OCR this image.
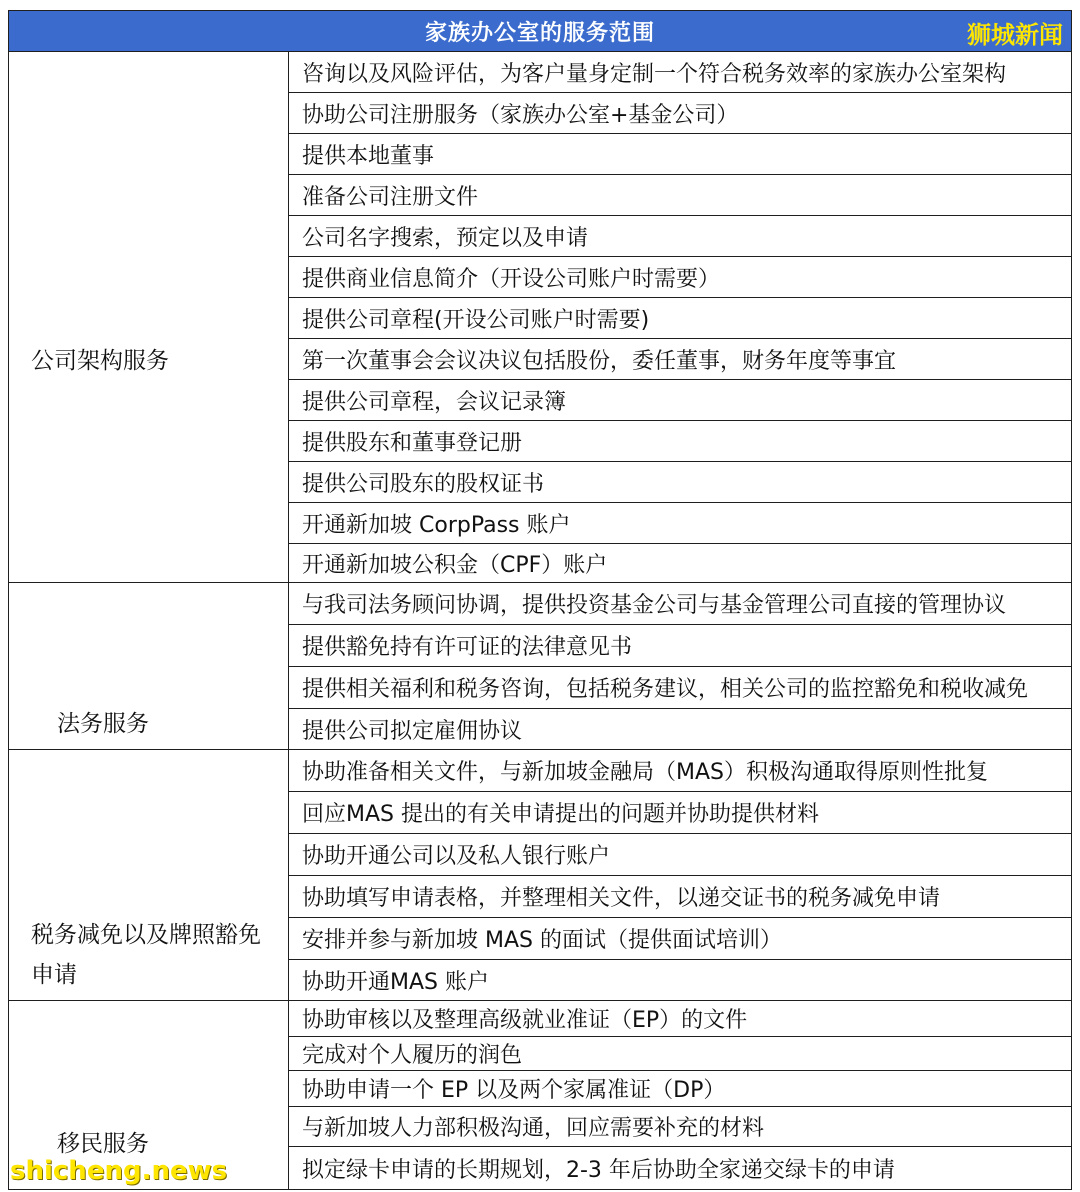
家族办公室的服务范围	狮城新闻
公司架构服务
咨询以及风险评估，为客户量身定制一个符合税务效率的家族办公室架构
协助公司注册服务（家族办公室+基金公司）
提供本地董事
准备公司注册文件
公司名字搜索，预定以及申请
提供商业信息简介（开设公司账户时需要）
提供公司章程(开设公司账户时需要)
第一次董事会会议决议包括股份，委任董事，财务年度等事宜
提供公司章程，会议记录簿
提供股东和董事登记册
提供公司股东的股权证书
开通新加坡 CorpPass 账户
开通新加坡公积金（CPF）账户
法务服务
与我司法务顾问协调，提供投资基金公司与基金管理公司直接的管理协议
提供豁免持有许可证的法律意见书
提供相关福利和税务咨询，包括税务建议，相关公司的监控豁免和税收减免
提供公司拟定雇佣协议
税务减免以及牌照豁免
申请
协助准备相关文件，与新加坡金融局（MAS）积极沟通取得原则性批复
回应MAS 提出的有关申请提出的问题并协助提供材料
协助开通公司以及私人银行账户
协助填写申请表格，并整理相关文件，以递交证书的税务减免申请
安排并参与新加坡 MAS 的面试（提供面试培训）
协助开通MAS 账户
移民服务
协助审核以及整理高级就业准证（EP）的文件
完成对个人履历的润色
协助申请一个 EP 以及两个家属准证（DP）
与新加坡人力部积极沟通，回应需要补充的材料
拟定绿卡申请的长期规划，2-3 年后协助全家递交绿卡的申请
shicheng.news
